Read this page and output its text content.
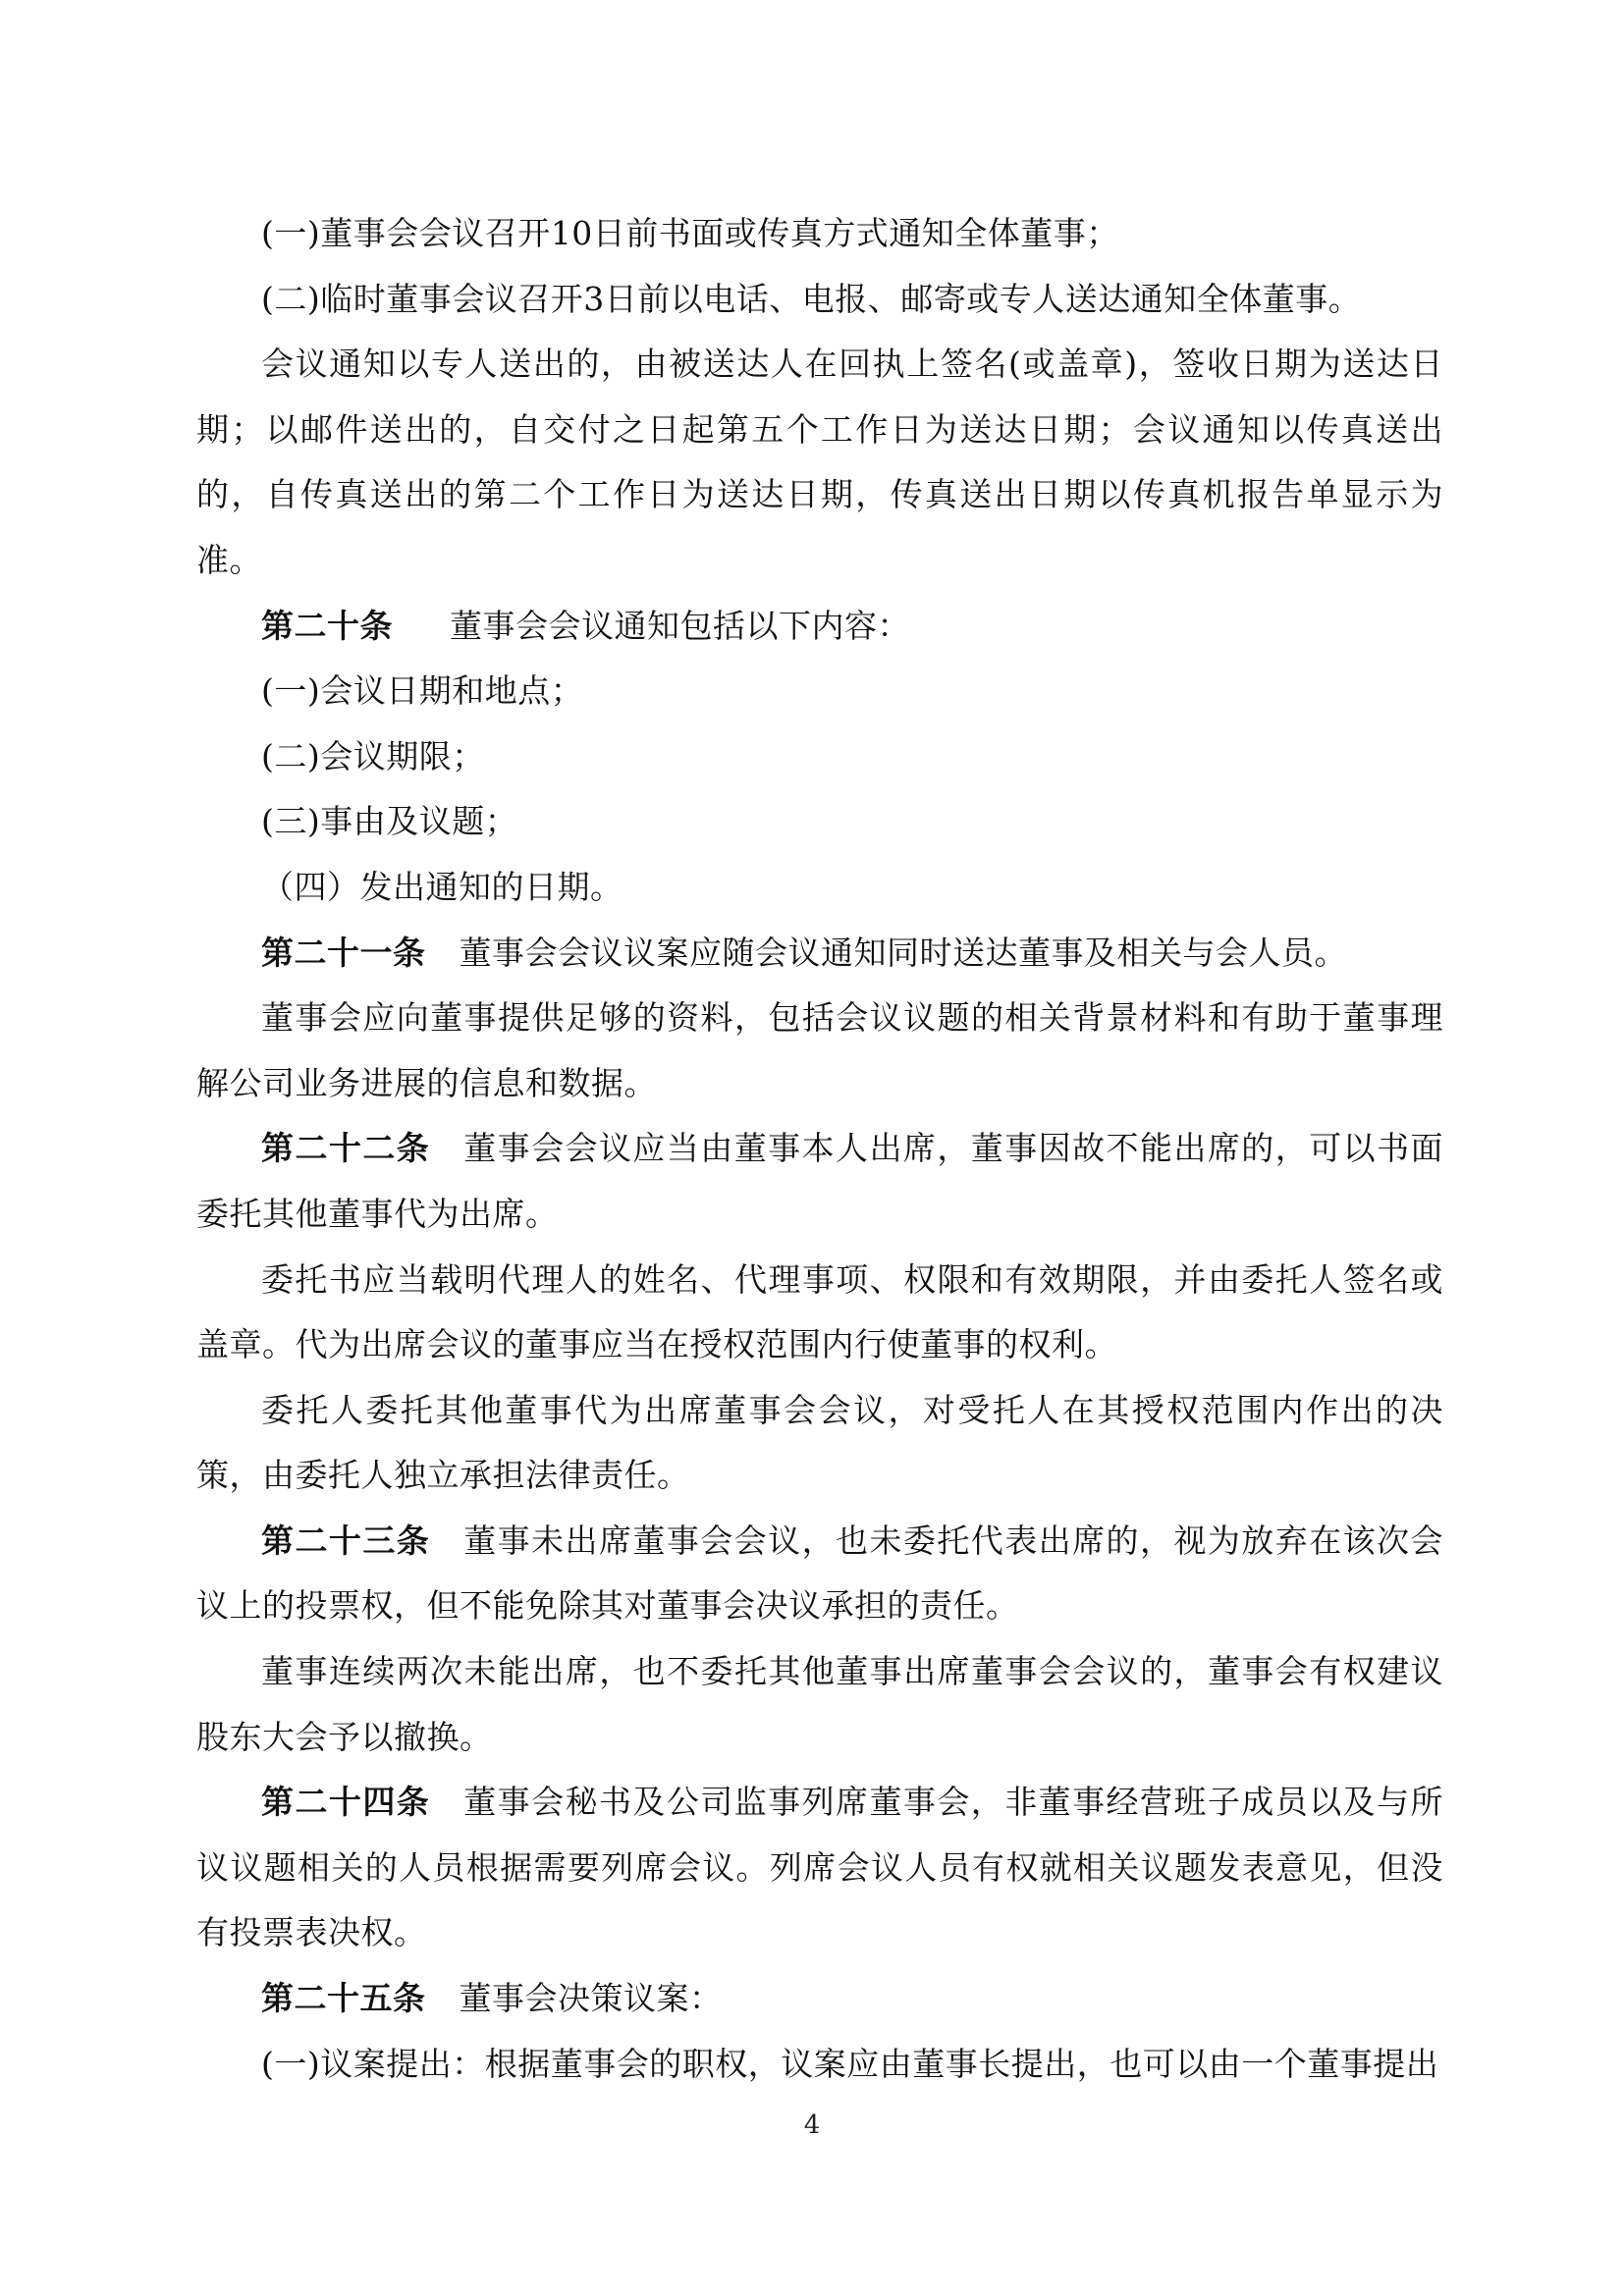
(一)董事会会议召开10日前书面或传真方式通知全体董事；

(二)临时董事会议召开3日前以电话、电报、邮寄或专人送达通知全体董事。

会议通知以专人送出的，由被送达人在回执上签名(或盖章)，签收日期为送达日期；以邮件送出的，自交付之日起第五个工作日为送达日期；会议通知以传真送出的，自传真送出的第二个工作日为送达日期，传真送出日期以传真机报告单显示为准。

第二十条 董事会会议通知包括以下内容：

(一)会议日期和地点；

(二)会议期限；

(三)事由及议题；

（四）发出通知的日期。

第二十一条 董事会会议议案应随会议通知同时送达董事及相关与会人员。

董事会应向董事提供足够的资料，包括会议议题的相关背景材料和有助于董事理解公司业务进展的信息和数据。

第二十二条 董事会会议应当由董事本人出席，董事因故不能出席的，可以书面委托其他董事代为出席。

委托书应当载明代理人的姓名、代理事项、权限和有效期限，并由委托人签名或盖章。代为出席会议的董事应当在授权范围内行使董事的权利。

委托人委托其他董事代为出席董事会会议，对受托人在其授权范围内作出的决策，由委托人独立承担法律责任。

第二十三条 董事未出席董事会会议，也未委托代表出席的，视为放弃在该次会议上的投票权，但不能免除其对董事会决议承担的责任。

董事连续两次未能出席，也不委托其他董事出席董事会会议的，董事会有权建议股东大会予以撤换。

第二十四条 董事会秘书及公司监事列席董事会，非董事经营班子成员以及与所议议题相关的人员根据需要列席会议。列席会议人员有权就相关议题发表意见，但没有投票表决权。

第二十五条 董事会决策议案：

(一)议案提出：根据董事会的职权，议案应由董事长提出，也可以由一个董事提出

4
